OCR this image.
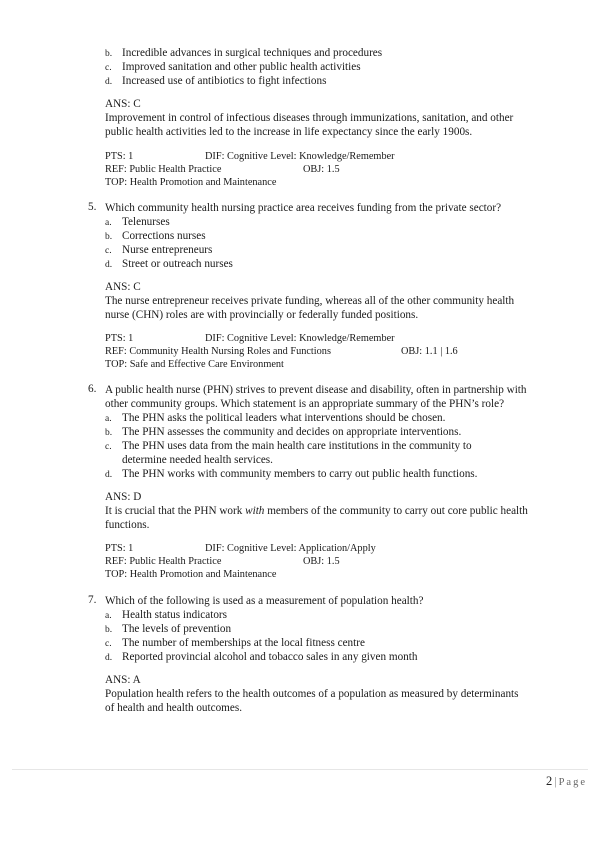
b. Incredible advances in surgical techniques and procedures
c. Improved sanitation and other public health activities
d. Increased use of antibiotics to fight infections
ANS: C
Improvement in control of infectious diseases through immunizations, sanitation, and other
public health activities led to the increase in life expectancy since the early 1900s.
PTS: 1	DIF: Cognitive Level: Knowledge/Remember
REF: Public Health Practice	OBJ: 1.5
TOP: Health Promotion and Maintenance
5. Which community health nursing practice area receives funding from the private sector?
a. Telenurses
b. Corrections nurses
c. Nurse entrepreneurs
d. Street or outreach nurses
ANS: C
The nurse entrepreneur receives private funding, whereas all of the other community health
nurse (CHN) roles are with provincially or federally funded positions.
PTS: 1	DIF: Cognitive Level: Knowledge/Remember
REF: Community Health Nursing Roles and Functions	OBJ: 1.1 | 1.6
TOP: Safe and Effective Care Environment
6. A public health nurse (PHN) strives to prevent disease and disability, often in partnership with
other community groups. Which statement is an appropriate summary of the PHN’s role?
a. The PHN asks the political leaders what interventions should be chosen.
b. The PHN assesses the community and decides on appropriate interventions.
c. The PHN uses data from the main health care institutions in the community to
determine needed health services.
d. The PHN works with community members to carry out public health functions.
ANS: D
It is crucial that the PHN work with members of the community to carry out core public health
functions.
PTS: 1	DIF: Cognitive Level: Application/Apply
REF: Public Health Practice	OBJ: 1.5
TOP: Health Promotion and Maintenance
7. Which of the following is used as a measurement of population health?
a. Health status indicators
b. The levels of prevention
c. The number of memberships at the local fitness centre
d. Reported provincial alcohol and tobacco sales in any given month
ANS: A
Population health refers to the health outcomes of a population as measured by determinants
of health and health outcomes.
2 | Page
